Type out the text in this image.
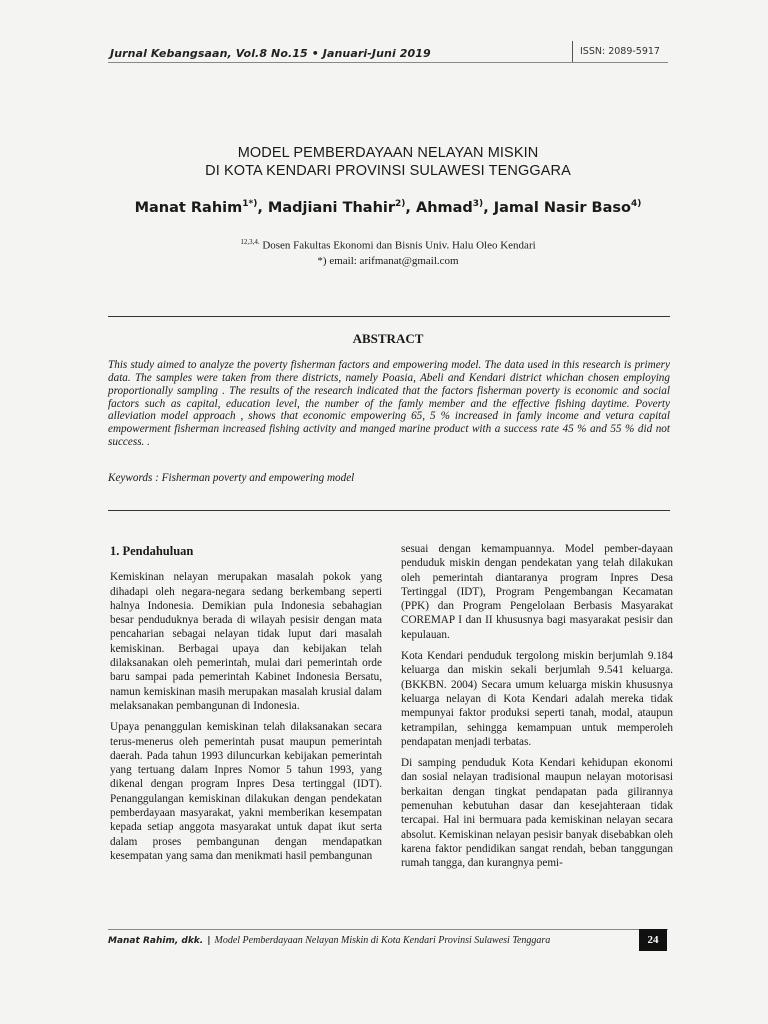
Jurnal Kebangsaan, Vol.8 No.15 • Januari-Juni 2019	ISSN: 2089-5917
MODEL PEMBERDAYAAN NELAYAN MISKIN
DI KOTA KENDARI PROVINSI SULAWESI TENGGARA
Manat Rahim$^{1*)}$, Madjiani Thahir$^{2)}$, Ahmad$^{3)}$, Jamal Nasir Baso$^{4)}$
$^{12,3,4.}$ Dosen Fakultas Ekonomi dan Bisnis Univ. Halu Oleo Kendari
*) email: arifmanat@gmail.com
ABSTRACT

This study aimed to analyze the poverty fisherman factors and empowering model. The data used in this research is primery data. The samples were taken from there districts, namely Poasia, Abeli and Kendari district whichan chosen employing proportionally sampling . The results of the research indicated that the factors fisherman poverty is economic and social factors such as capital, education level, the number of the famly member and the effective fishing daytime. Poverty alleviation model approach , shows that economic empowering 65, 5 % increased in famly income and vetura capital empowerment fisherman increased fishing activity and manged marine product with a success rate 45 % and 55 % did not success. .

Keywords : Fisherman poverty and empowering model

1. Pendahuluan

Kemiskinan nelayan merupakan masalah pokok yang dihadapi oleh negara-negara sedang berkembang seperti halnya Indonesia. Demikian pula Indonesia sebahagian besar penduduknya berada di wilayah pesisir dengan mata pencaharian sebagai nelayan tidak luput dari masalah kemiskinan. Berbagai upaya dan kebijakan telah dilaksanakan oleh pemerintah, mulai dari pemerintah orde baru sampai pada pemerintah Kabinet Indonesia Bersatu, namun kemiskinan masih merupakan masalah krusial dalam melaksanakan pembangunan di Indonesia.

Upaya penanggulan kemiskinan telah dilaksanakan secara terus-menerus oleh pemerintah pusat maupun pemerintah daerah. Pada tahun 1993 diluncurkan kebijakan pemerintah yang tertuang dalam Inpres Nomor 5 tahun 1993, yang dikenal dengan program Inpres Desa tertinggal (IDT). Penanggulangan kemiskinan dilakukan dengan pendekatan pemberdayaan masyarakat, yakni memberikan kesempatan kepada setiap anggota masyarakat untuk dapat ikut serta dalam proses pembangunan dengan mendapatkan kesempatan yang sama dan menikmati hasil pembangunan

sesuai dengan kemampuannya. Model pember-dayaan penduduk miskin dengan pendekatan yang telah dilakukan oleh pemerintah diantaranya program Inpres Desa Tertinggal (IDT), Program Pengembangan Kecamatan (PPK) dan Program Pengelolaan Berbasis Masyarakat COREMAP I dan II khususnya bagi masyarakat pesisir dan kepulauan.

Kota Kendari penduduk tergolong miskin berjumlah 9.184 keluarga dan miskin sekali berjumlah 9.541 keluarga. (BKKBN. 2004) Secara umum keluarga miskin khususnya keluarga nelayan di Kota Kendari adalah mereka tidak mempunyai faktor produksi seperti tanah, modal, ataupun ketrampilan, sehingga kemampuan untuk memperoleh pendapatan menjadi terbatas.

Di samping penduduk Kota Kendari kehidupan ekonomi dan sosial nelayan tradisional maupun nelayan motorisasi berkaitan dengan tingkat pendapatan pada gilirannya pemenuhan kebutuhan dasar dan kesejahteraan tidak tercapai. Hal ini bermuara pada kemiskinan nelayan secara absolut. Kemiskinan nelayan pesisir banyak disebabkan oleh karena faktor pendidikan sangat rendah, beban tanggungan rumah tangga, dan kurangnya pemi-

Manat Rahim, dkk. | Model Pemberdayaan Nelayan Miskin di Kota Kendari Provinsi Sulawesi Tenggara	24
